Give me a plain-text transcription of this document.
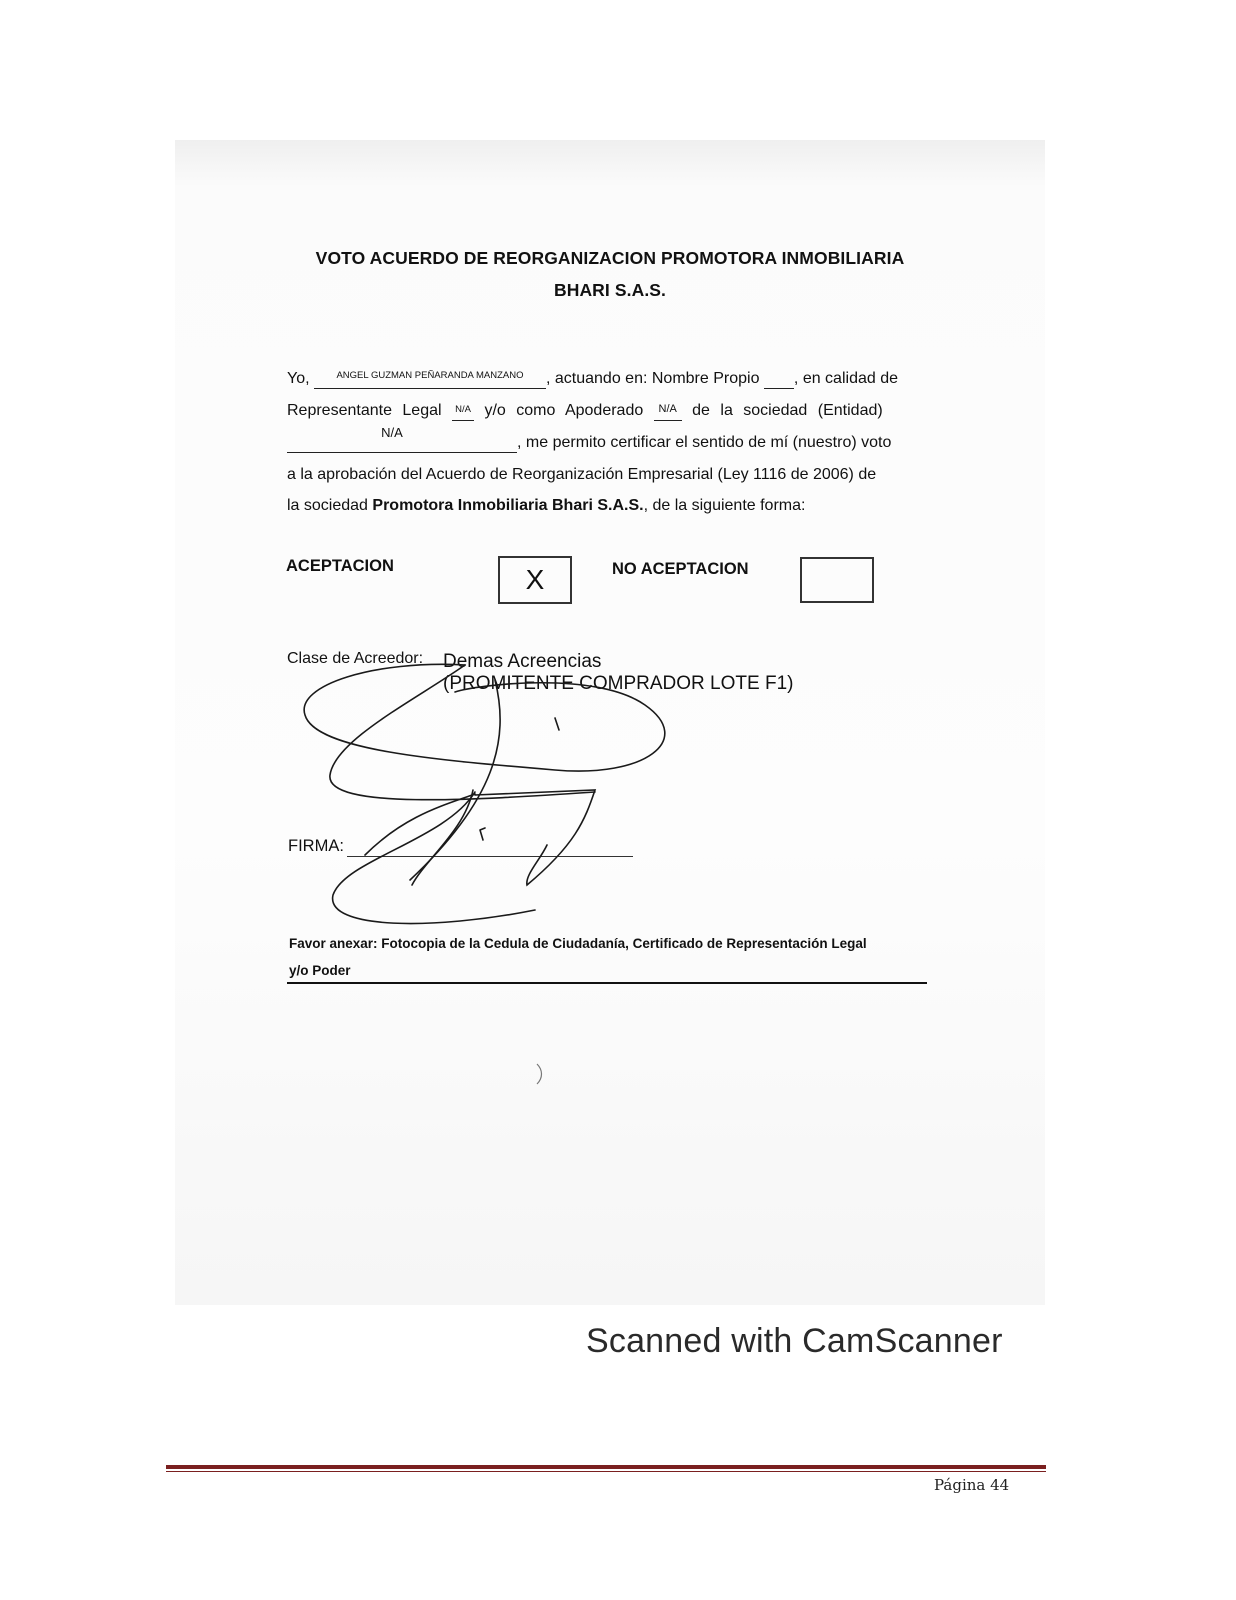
VOTO ACUERDO DE REORGANIZACION PROMOTORA INMOBILIARIA
BHARI S.A.S.
Yo,	$^{ANGEL GUZMAN PEÑARANDA MANZANO}$ , actuando en: Nombre Propio , en calidad de
Representante Legal N/A y/o como Apoderado N/A de la sociedad (Entidad)
$^{N/A}$, me permito certificar el sentido de mí (nuestro) voto
a la aprobación del Acuerdo de Reorganización Empresarial (Ley 1116 de 2006) de
la sociedad Promotora Inmobiliaria Bhari S.A.S., de la siguiente forma:
ACEPTACION	X	NO ACEPTACION
Clase de Acreedor: Demas Acreencias
(PROMITENTE COMPRADOR LOTE F1)
FIRMA:
Favor anexar: Fotocopia de la Cedula de Ciudadanía, Certificado de Representación Legal
y/o Poder
Scanned with CamScanner
Página 44
